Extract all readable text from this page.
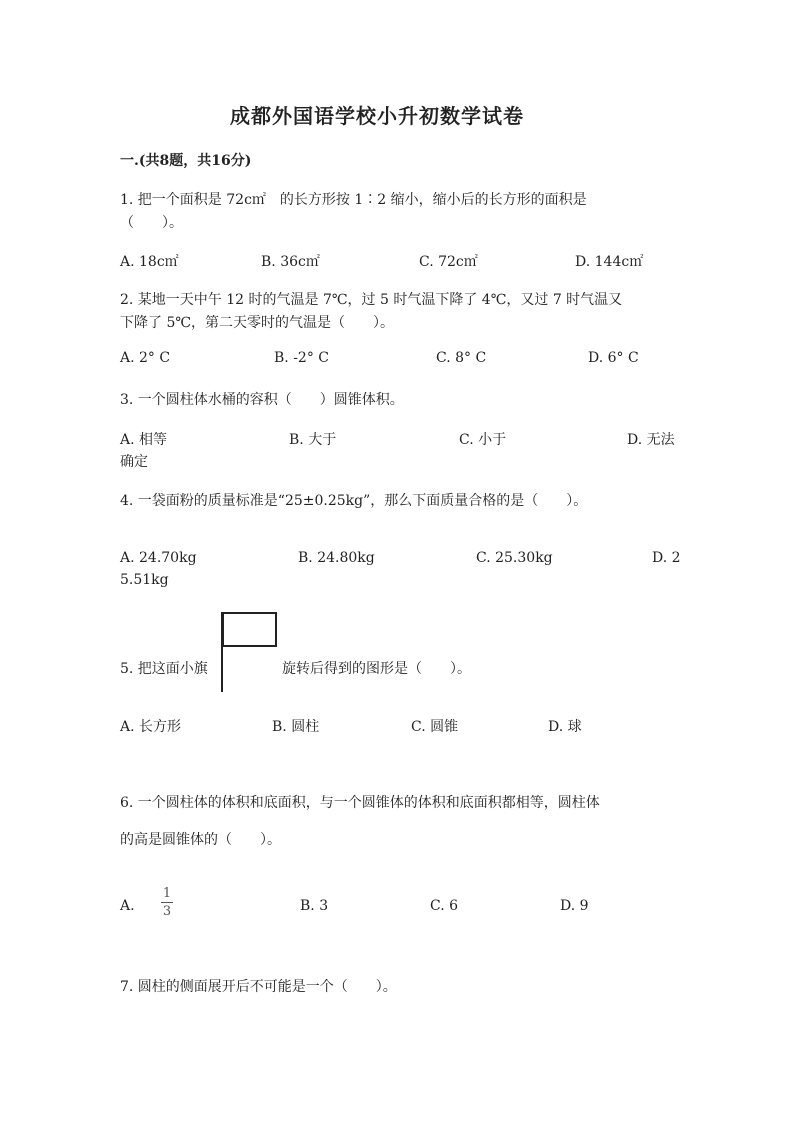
成都外国语学校小升初数学试卷
一.(共8题，共16分)
1. 把一个面积是 72c㎡　的长方形按 1∶2 缩小，缩小后的长方形的面积是
（　　）。
A. 18c㎡	B. 36c㎡	C. 72c㎡	D. 144c㎡
2. 某地一天中午 12 时的气温是 7℃，过 5 时气温下降了 4℃，又过 7 时气温又
下降了 5℃，第二天零时的气温是（　　）。
A. 2° C	B. -2° C	C. 8° C	D. 6° C
3. 一个圆柱体水桶的容积（　　）圆锥体积。
A. 相等	B. 大于	C. 小于	D. 无法
确定
4. 一袋面粉的质量标准是“25±0.25kg”，那么下面质量合格的是（　　）。
A. 24.70kg	B. 24.80kg	C. 25.30kg	D. 2
5.51kg
5. 把这面小旗	旋转后得到的图形是（　　）。
A. 长方形	B. 圆柱	C. 圆锥	D. 球
6. 一个圆柱体的体积和底面积，与一个圆锥体的体积和底面积都相等，圆柱体
的高是圆锥体的（　　）。
A.
1
3	B. 3	C. 6	D. 9
7. 圆柱的侧面展开后不可能是一个（　　）。
